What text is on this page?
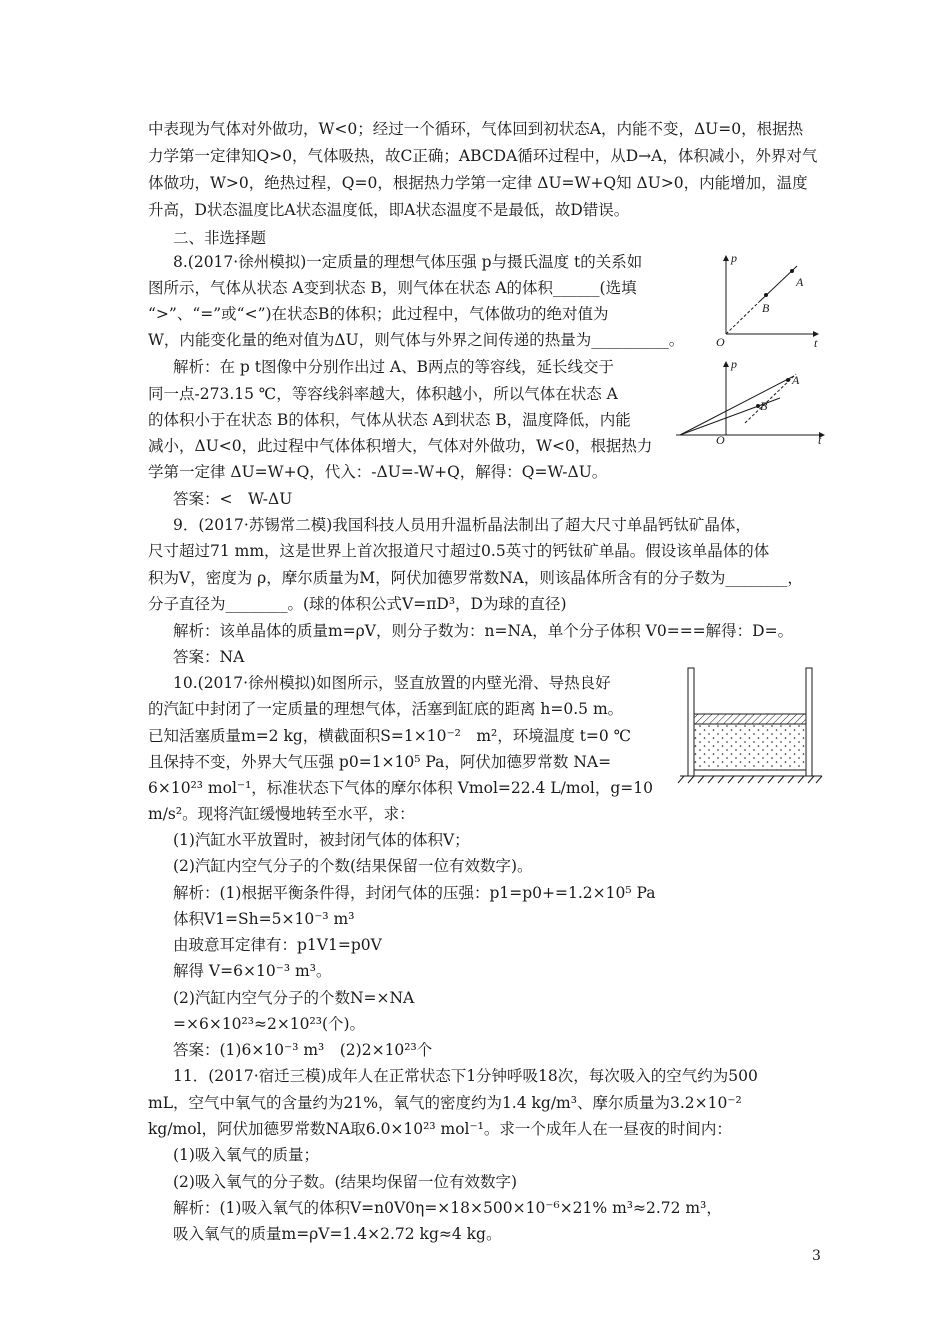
中表现为气体对外做功，W<0；经过一个循环，气体回到初状态A，内能不变，ΔU=0，根据热
力学第一定律知Q>0，气体吸热，故C正确；ABCDA循环过程中，从D→A，体积减小，外界对气
体做功，W>0，绝热过程，Q=0，根据热力学第一定律 ΔU=W+Q知 ΔU>0，内能增加，温度
升高，D状态温度比A状态温度低，即A状态温度不是最低，故D错误。
二、非选择题
8.(2017·徐州模拟)一定质量的理想气体压强 p与摄氏温度 t的关系如
图所示，气体从状态 A变到状态 B，则气体在状态 A的体积______(选填
“>”、“=”或“<”)在状态B的体积；此过程中，气体做功的绝对值为
W，内能变化量的绝对值为ΔU，则气体与外界之间传递的热量为__________。
解析：在 p t图像中分别作出过 A、B两点的等容线，延长线交于
同一点-273.15 ℃，等容线斜率越大，体积越小，所以气体在状态 A
的体积小于在状态 B的体积，气体从状态 A到状态 B，温度降低，内能
减小，ΔU<0，此过程中气体体积增大，气体对外做功，W<0，根据热力
学第一定律 ΔU=W+Q，代入：-ΔU=-W+Q，解得：Q=W-ΔU。
答案：<　W-ΔU
9．(2017·苏锡常二模)我国科技人员用升温析晶法制出了超大尺寸单晶钙钛矿晶体，
尺寸超过71 mm，这是世界上首次报道尺寸超过0.5英寸的钙钛矿单晶。假设该单晶体的体
积为V，密度为 ρ，摩尔质量为M，阿伏加德罗常数NA，则该晶体所含有的分子数为________，
分子直径为________。(球的体积公式V=πD³，D为球的直径)
解析：该单晶体的质量m=ρV，则分子数为：n=NA，单个分子体积 V0===解得：D=。
答案：NA
10.(2017·徐州模拟)如图所示，竖直放置的内壁光滑、导热良好
的汽缸中封闭了一定质量的理想气体，活塞到缸底的距离 h=0.5 m。
已知活塞质量m=2 kg，横截面积S=1×10⁻²　m²，环境温度 t=0 ℃
且保持不变，外界大气压强 p0=1×10⁵ Pa，阿伏加德罗常数 NA=
6×10²³ mol⁻¹，标准状态下气体的摩尔体积 Vmol=22.4 L/mol，g=10
m/s²。现将汽缸缓慢地转至水平，求：
(1)汽缸水平放置时，被封闭气体的体积V；
(2)汽缸内空气分子的个数(结果保留一位有效数字)。
解析：(1)根据平衡条件得，封闭气体的压强：p1=p0+=1.2×10⁵ Pa
体积V1=Sh=5×10⁻³ m³
由玻意耳定律有：p1V1=p0V
解得 V=6×10⁻³ m³。
(2)汽缸内空气分子的个数N=×NA
=×6×10²³≈2×10²³(个)。
答案：(1)6×10⁻³ m³　(2)2×10²³个
11．(2017·宿迁三模)成年人在正常状态下1分钟呼吸18次，每次吸入的空气约为500
mL，空气中氧气的含量约为21%，氧气的密度约为1.4 kg/m³、摩尔质量为3.2×10⁻²
kg/mol，阿伏加德罗常数NA取6.0×10²³ mol⁻¹。求一个成年人在一昼夜的时间内：
(1)吸入氧气的质量；
(2)吸入氧气的分子数。(结果均保留一位有效数字)
解析：(1)吸入氧气的体积V=n0V0η=×18×500×10⁻⁶×21% m³≈2.72 m³，
吸入氧气的质量m=ρV=1.4×2.72 kg≈4 kg。
p
t
O
A
B
p
t
O
A
B
3
